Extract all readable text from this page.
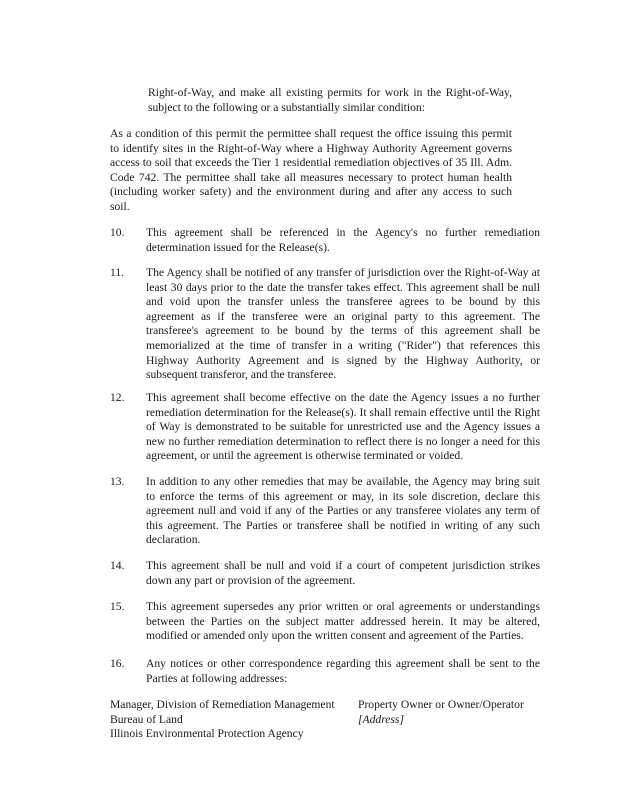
Right-of-Way, and make all existing permits for work in the Right-of-Way, subject to the following or a substantially similar condition:

As a condition of this permit the permittee shall request the office issuing this permit to identify sites in the Right-of-Way where a Highway Authority Agreement governs access to soil that exceeds the Tier 1 residential remediation objectives of 35 Ill. Adm. Code 742. The permittee shall take all measures necessary to protect human health (including worker safety) and the environment during and after any access to such soil.

10.	This agreement shall be referenced in the Agency's no further remediation determination issued for the Release(s).

11.	The Agency shall be notified of any transfer of jurisdiction over the Right-of-Way at least 30 days prior to the date the transfer takes effect. This agreement shall be null and void upon the transfer unless the transferee agrees to be bound by this agreement as if the transferee were an original party to this agreement. The transferee's agreement to be bound by the terms of this agreement shall be memorialized at the time of transfer in a writing ("Rider") that references this Highway Authority Agreement and is signed by the Highway Authority, or subsequent transferor, and the transferee.

12.	This agreement shall become effective on the date the Agency issues a no further remediation determination for the Release(s). It shall remain effective until the Right of Way is demonstrated to be suitable for unrestricted use and the Agency issues a new no further remediation determination to reflect there is no longer a need for this agreement, or until the agreement is otherwise terminated or voided.

13.	In addition to any other remedies that may be available, the Agency may bring suit to enforce the terms of this agreement or may, in its sole discretion, declare this agreement null and void if any of the Parties or any transferee violates any term of this agreement. The Parties or transferee shall be notified in writing of any such declaration.

14.	This agreement shall be null and void if a court of competent jurisdiction strikes down any part or provision of the agreement.

15.	This agreement supersedes any prior written or oral agreements or understandings between the Parties on the subject matter addressed herein. It may be altered, modified or amended only upon the written consent and agreement of the Parties.

16.	Any notices or other correspondence regarding this agreement shall be sent to the Parties at following addresses:

Manager, Division of Remediation Management
Bureau of Land
Illinois Environmental Protection Agency
Property Owner or Owner/Operator
[Address]
